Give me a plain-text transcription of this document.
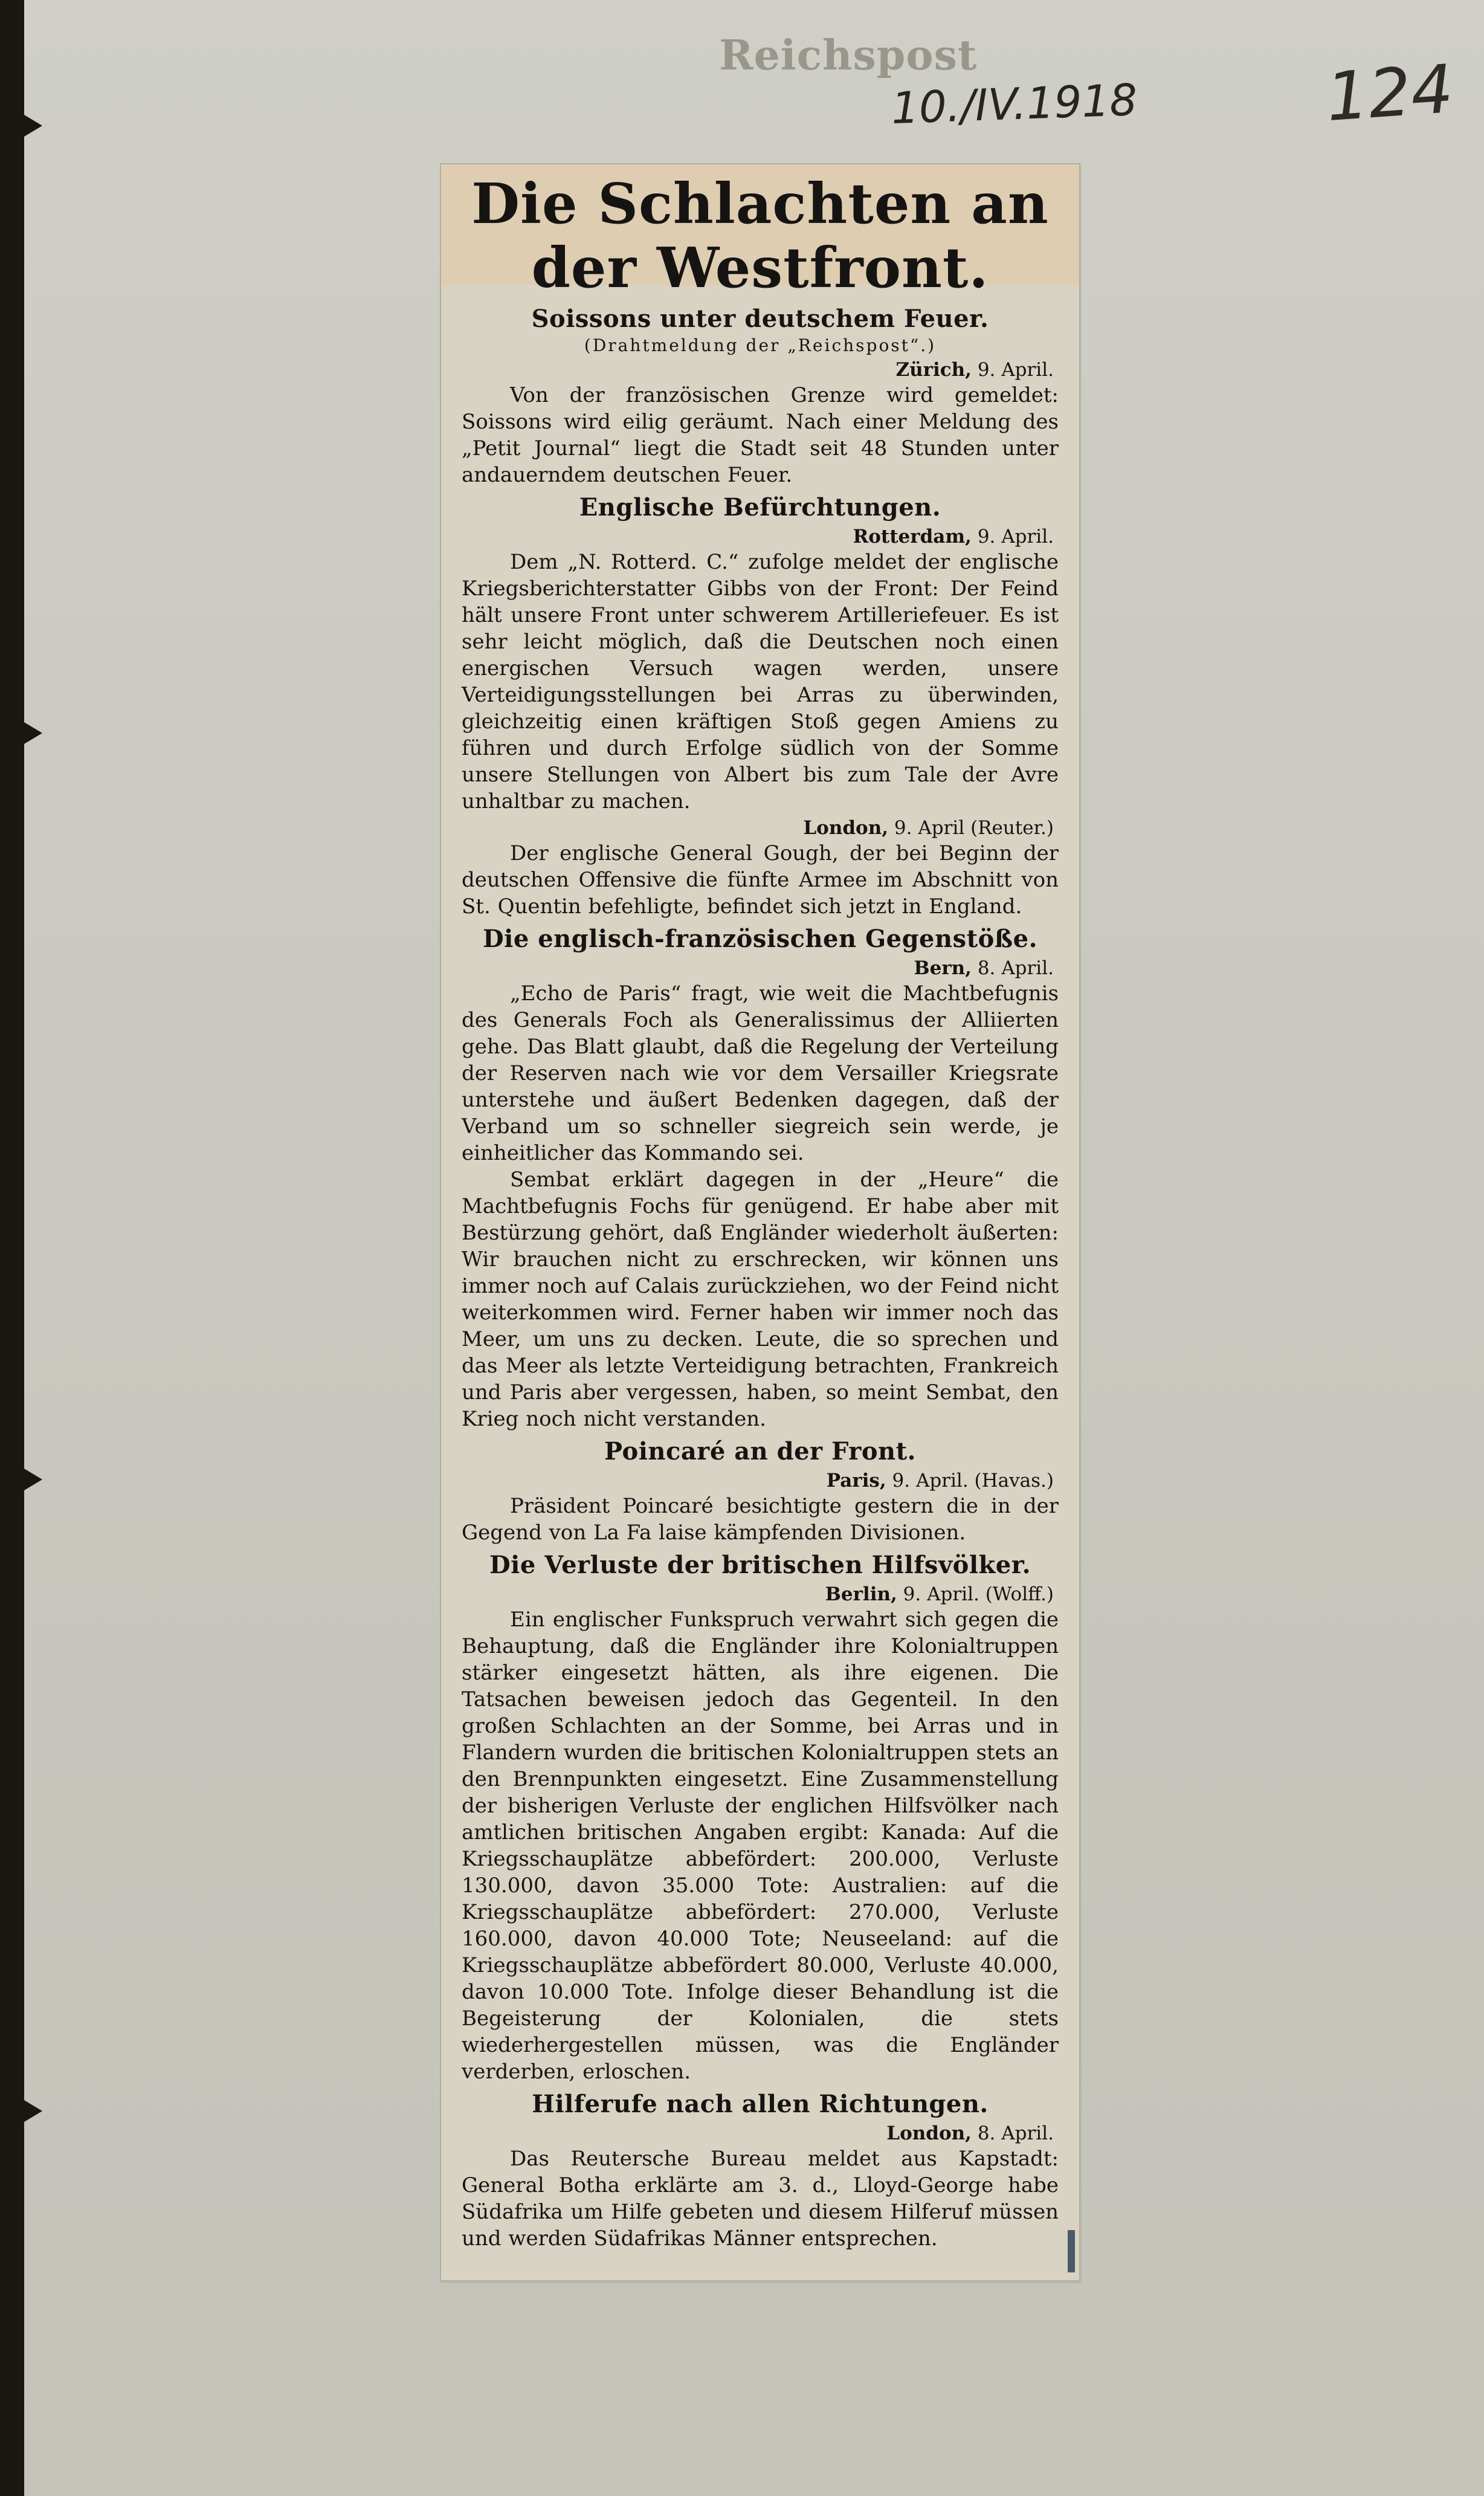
Reichspost
10./IV.1918	124
Die Schlachten an der Westfront.

Soissons unter deutschem Feuer.

(Drahtmeldung der „Reichspost“.)

Zürich, 9. April.

Von der französischen Grenze wird gemeldet: Soissons wird eilig geräumt. Nach einer Meldung des „Petit Journal“ liegt die Stadt seit 48 Stunden unter andauerndem deutschen Feuer.

Englische Befürchtungen.

Rotterdam, 9. April.

Dem „N. Rotterd. C.“ zufolge meldet der englische Kriegsberichterstatter Gibbs von der Front: Der Feind hält unsere Front unter schwerem Artilleriefeuer. Es ist sehr leicht möglich, daß die Deutschen noch einen energischen Versuch wagen werden, unsere Verteidigungsstellungen bei Arras zu überwinden, gleichzeitig einen kräftigen Stoß gegen Amiens zu führen und durch Erfolge südlich von der Somme unsere Stellungen von Albert bis zum Tale der Avre unhaltbar zu machen.

London, 9. April (Reuter.)

Der englische General Gough, der bei Beginn der deutschen Offensive die fünfte Armee im Abschnitt von St. Quentin befehligte, befindet sich jetzt in England.

Die englisch-französischen Gegenstöße.

Bern, 8. April.

„Echo de Paris“ fragt, wie weit die Machtbefugnis des Generals Foch als Generalissimus der Alliierten gehe. Das Blatt glaubt, daß die Regelung der Verteilung der Reserven nach wie vor dem Versailler Kriegsrate unterstehe und äußert Bedenken dagegen, daß der Verband um so schneller siegreich sein werde, je einheitlicher das Kommando sei.

Sembat erklärt dagegen in der „Heure“ die Machtbefugnis Fochs für genügend. Er habe aber mit Bestürzung gehört, daß Engländer wiederholt äußerten: Wir brauchen nicht zu erschrecken, wir können uns immer noch auf Calais zurückziehen, wo der Feind nicht weiterkommen wird. Ferner haben wir immer noch das Meer, um uns zu decken. Leute, die so sprechen und das Meer als letzte Verteidigung betrachten, Frankreich und Paris aber vergessen, haben, so meint Sembat, den Krieg noch nicht verstanden.

Poincaré an der Front.

Paris, 9. April. (Havas.)

Präsident Poincaré besichtigte gestern die in der Gegend von La Fa laise kämpfenden Divisionen.

Die Verluste der britischen Hilfsvölker.

Berlin, 9. April. (Wolff.)

Ein englischer Funkspruch verwahrt sich gegen die Behauptung, daß die Engländer ihre Kolonialtruppen stärker eingesetzt hätten, als ihre eigenen. Die Tatsachen beweisen jedoch das Gegenteil. In den großen Schlachten an der Somme, bei Arras und in Flandern wurden die britischen Kolonialtruppen stets an den Brennpunkten eingesetzt. Eine Zusammenstellung der bisherigen Verluste der englichen Hilfsvölker nach amtlichen britischen Angaben ergibt: Kanada: Auf die Kriegsschauplätze abbefördert: 200.000, Verluste 130.000, davon 35.000 Tote: Australien: auf die Kriegsschauplätze abbefördert: 270.000, Verluste 160.000, davon 40.000 Tote; Neuseeland: auf die Kriegsschauplätze abbefördert 80.000, Verluste 40.000, davon 10.000 Tote. Infolge dieser Behandlung ist die Begeisterung der Kolonialen, die stets wiederhergestellen müssen, was die Engländer verderben, erloschen.

Hilferufe nach allen Richtungen.

London, 8. April.

Das Reutersche Bureau meldet aus Kapstadt: General Botha erklärte am 3. d., Lloyd-George habe Südafrika um Hilfe gebeten und diesem Hilferuf müssen und werden Südafrikas Männer entsprechen.
